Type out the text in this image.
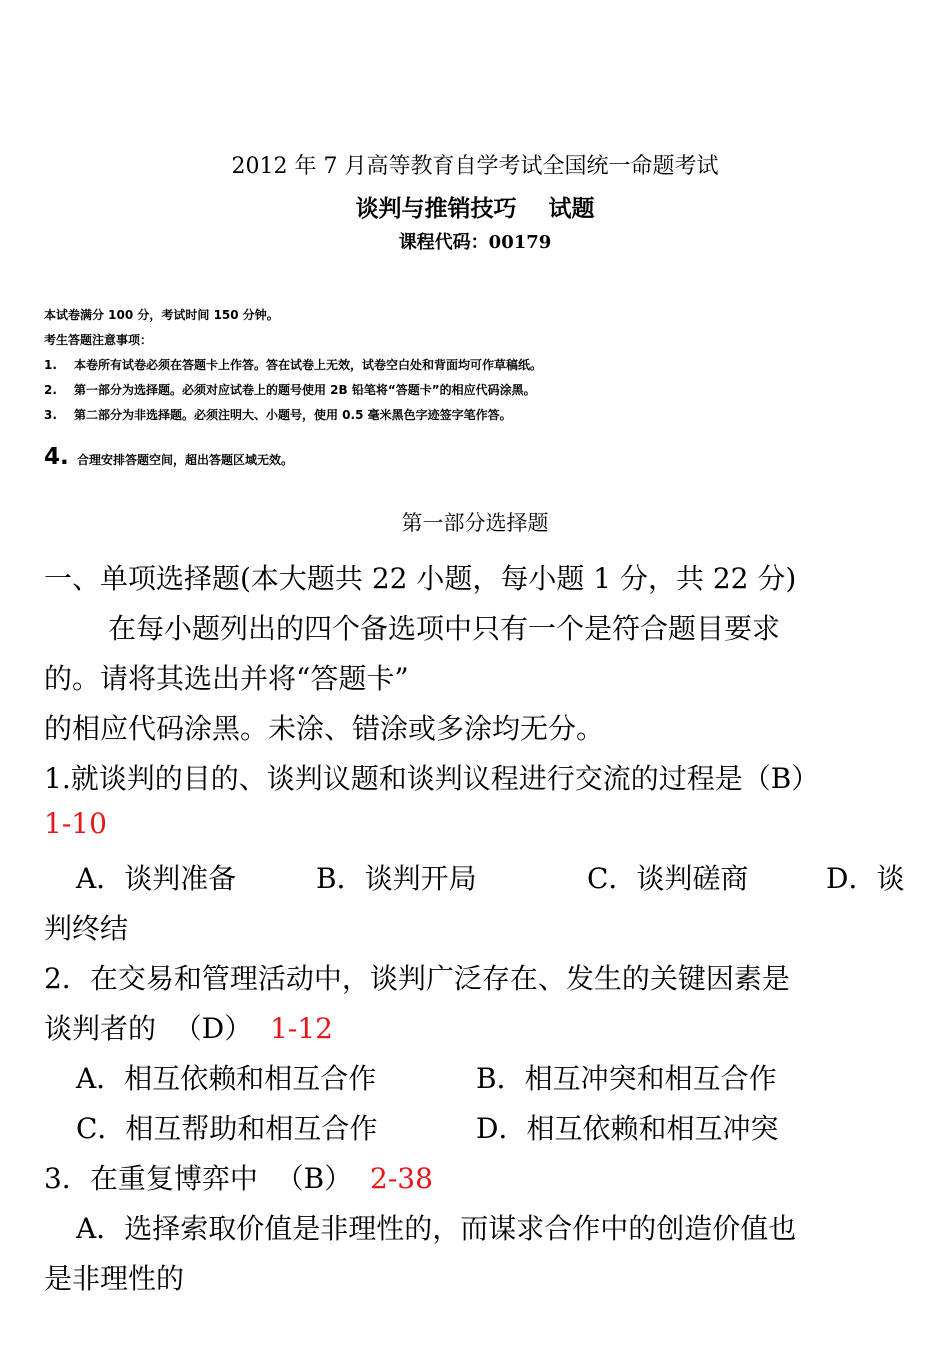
2012 年 7 月高等教育自学考试全国统一命题考试
谈判与推销技巧    试题
课程代码：00179
本试卷满分 100 分，考试时间 150 分钟。
考生答题注意事项：
1. 本卷所有试卷必须在答题卡上作答。答在试卷上无效，试卷空白处和背面均可作草稿纸。
2. 第一部分为选择题。必须对应试卷上的题号使用 2B 铅笔将“答题卡”的相应代码涂黑。
3. 第二部分为非选择题。必须注明大、小题号，使用 0.5 毫米黑色字迹签字笔作答。
4. 合理安排答题空间，超出答题区域无效。
第一部分选择题
一、单项选择题(本大题共 22 小题，每小题 1 分，共 22 分)
在每小题列出的四个备选项中只有一个是符合题目要求
的。请将其选出并将“答题卡”
的相应代码涂黑。未涂、错涂或多涂均无分。
1.就谈判的目的、谈判议题和谈判议程进行交流的过程是（B）
1-10
A．谈判准备	B．谈判开局	C．谈判磋商	D．谈
判终结
2．在交易和管理活动中，谈判广泛存在、发生的关键因素是
谈判者的  （D） 1-12
A．相互依赖和相互合作	B．相互冲突和相互合作
C．相互帮助和相互合作	D．相互依赖和相互冲突
3．在重复博弈中  （B） 2-38
A．选择索取价值是非理性的，而谋求合作中的创造价值也
是非理性的
